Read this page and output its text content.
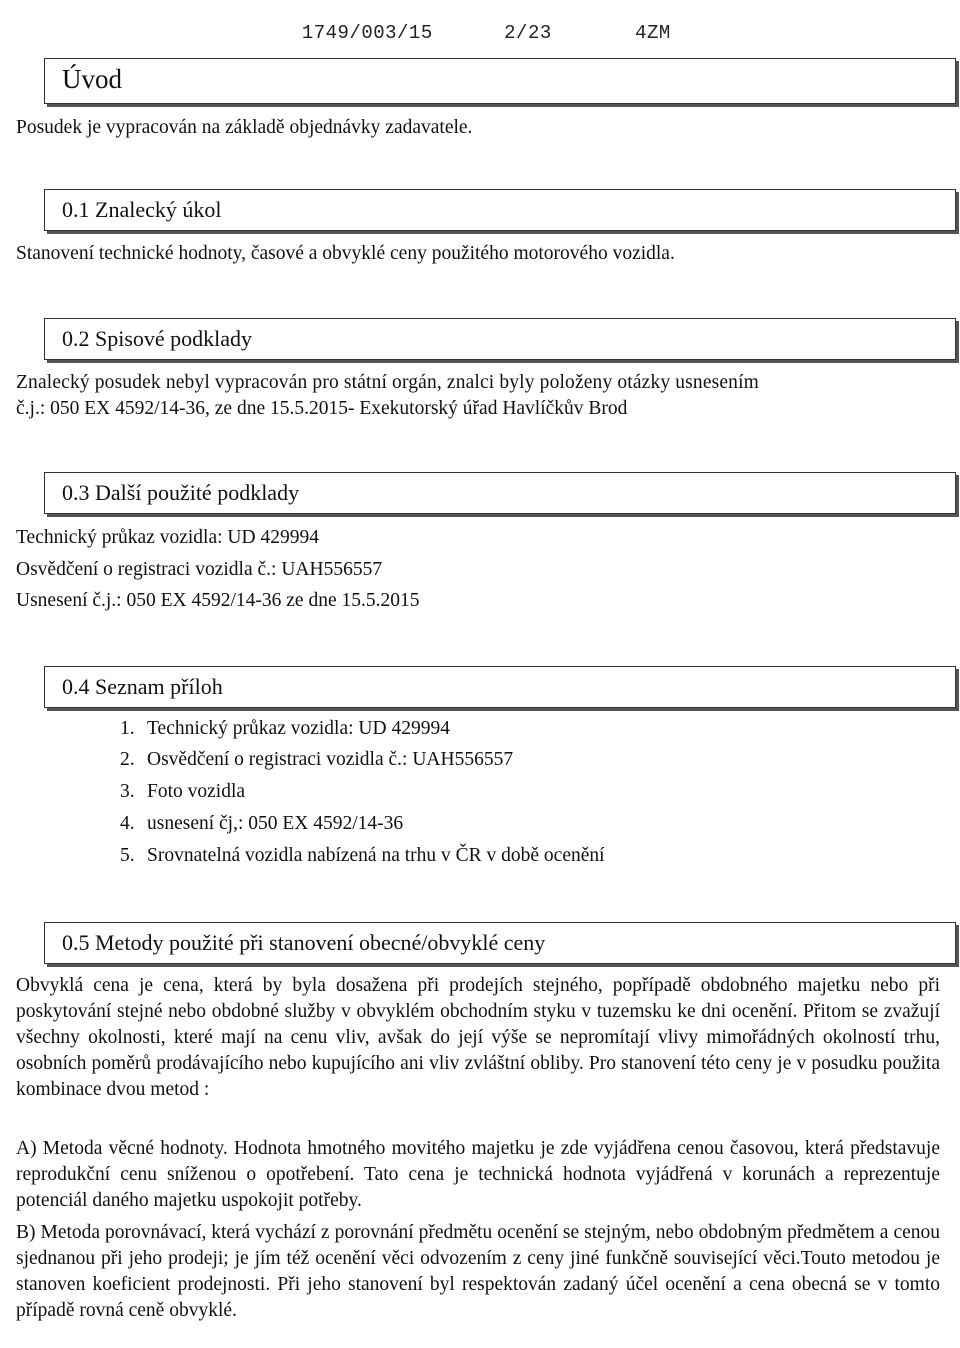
1749/003/15	2/23	4ZM

Úvod
Posudek je vypracován na základě objednávky zadavatele.
0.1 Znalecký úkol
Stanovení technické hodnoty, časové a obvyklé ceny použitého motorového vozidla.
0.2 Spisové podklady
Znalecký posudek nebyl vypracován pro státní orgán, znalci byly položeny otázky usnesením
č.j.: 050 EX 4592/14-36, ze dne 15.5.2015- Exekutorský úřad Havlíčkův Brod
0.3 Další použité podklady
Technický průkaz vozidla: UD 429994
Osvědčení o registraci vozidla č.: UAH556557
Usnesení č.j.: 050 EX 4592/14-36 ze dne 15.5.2015
0.4 Seznam příloh
1. Technický průkaz vozidla: UD 429994
2. Osvědčení o registraci vozidla č.: UAH556557
3. Foto vozidla
4. usnesení čj,: 050 EX 4592/14-36
5. Srovnatelná vozidla nabízená na trhu v ČR v době ocenění
0.5 Metody použité při stanovení obecné/obvyklé ceny

Obvyklá cena je cena, která by byla dosažena při prodejích stejného, popřípadě obdobného majetku nebo při poskytování stejné nebo obdobné služby v obvyklém obchodním styku v tuzemsku ke dni ocenění. Přitom se zvažují všechny okolnosti, které mají na cenu vliv, avšak do její výše se nepromítají vlivy mimořádných okolností trhu, osobních poměrů prodávajícího nebo kupujícího ani vliv zvláštní obliby. Pro stanovení této ceny je v posudku použita kombinace dvou metod :

A) Metoda věcné hodnoty. Hodnota hmotného movitého majetku je zde vyjádřena cenou časovou, která představuje reprodukční cenu sníženou o opotřebení. Tato cena je technická hodnota vyjádřená v korunách a reprezentuje potenciál daného majetku uspokojit potřeby.

B) Metoda porovnávací, která vychází z porovnání předmětu ocenění se stejným, nebo obdobným předmětem a cenou sjednanou při jeho prodeji; je jím též ocenění věci odvozením z ceny jiné funkčně související věci.Touto metodou je stanoven koeficient prodejnosti. Při jeho stanovení byl respektován zadaný účel ocenění a cena obecná se v tomto případě rovná ceně obvyklé.
